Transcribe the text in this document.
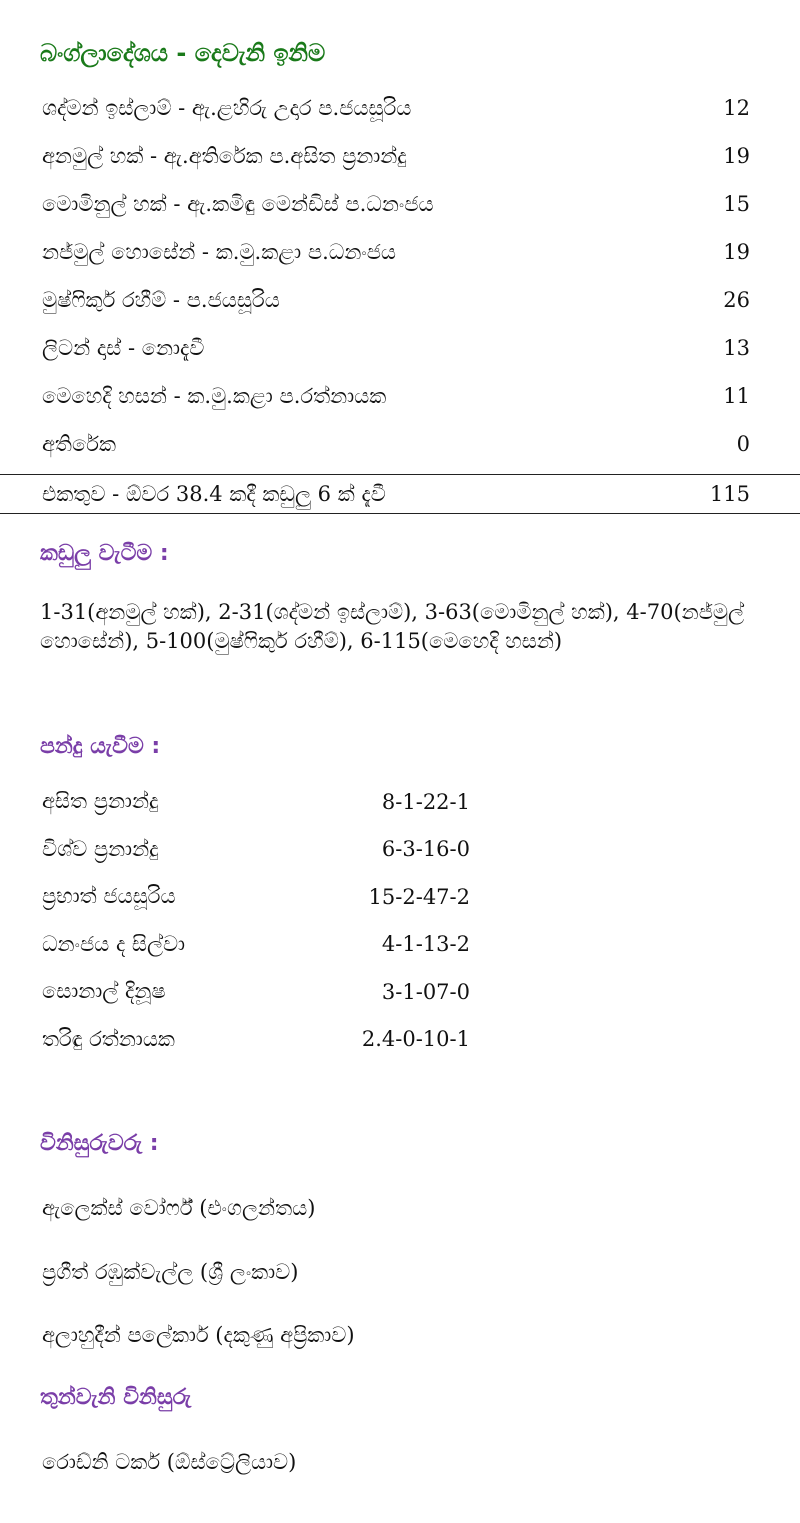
බංග්ලාදේශය - දෙවැනි ඉනිම
ශද්මන් ඉස්ලාම් - ඇ.ළහිරු උදාර ප.ජයසූරිය	12
අනමුල් හක් - ඇ.අතිරේක ප.අසිත ප්‍රනාන්දු	19
මොමිනුල් හක් - ඇ.කමිඳු මෙන්ඩිස් ප.ධනංජය	15
නජ්මුල් හොසේන් - ක.මු.කළා ප.ධනංජය	19
මුෂ්ෆිකුර් රහීම් - ප.ජයසූරිය	26
ලිටන් දාස් - නොදැවී	13
මෙහෙදි හසන් - ක.මු.කළා ප.රත්නායක	11
අතිරේක	0
එකතුව - ඕවර 38.4 කදී කඩුලු 6 ක් දැවී	115
කඩුලු වැටීම :

1-31(අනමුල් හක්), 2-31(ශද්මන් ඉස්ලාම්), 3-63(මොමිනුල් හක්), 4-70(නජ්මුල් හොසේන්), 5-100(මුෂ්ෆිකුර් රහීම්), 6-115(මෙහෙදි හසන්)

පන්දු යැවීම :
අසිත ප්‍රනාන්දු	8-1-22-1
විශ්ව ප්‍රනාන්දු	6-3-16-0
ප්‍රභාත් ජයසූරිය	15-2-47-2
ධනංජය ද සිල්වා	4-1-13-2
සොනාල් දිනූෂ	3-1-07-0
තරිඳු රත්නායක	2.4-0-10-1
විනිසුරුවරු :

ඇලෙක්ස් වෝර්ෆ් (එංගලන්තය)

ප්‍රගීත් රඹුක්වැල්ල (ශ්‍රී ලංකාව)

අලාහුදීන් පලේකාර් (දකුණු අප්‍රිකාව)

තුන්වැනි විනිසුරු

රොඩ්නි ටකර් (ඕස්ට්‍රේලියාව)
